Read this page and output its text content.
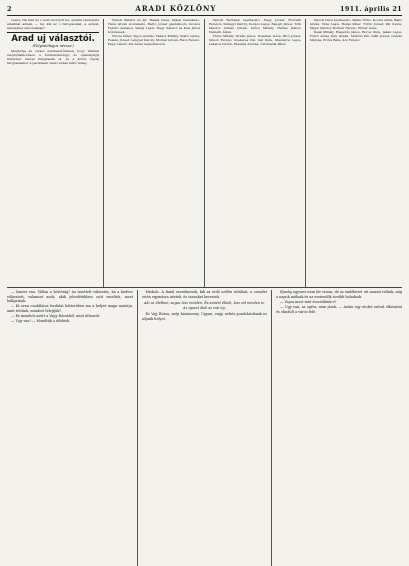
2	ARADI KÖZLÖNY	1911. április 21

vezna. Ha már az ő nem mondott be- szédük tiszteletre alkalmat adnak, — mi, kik az ő felfogásukat, a szókat, amelyeket elmondanak?

Arad uj választói.

(Folytatólagos névsor.)

Megtudja az olvasó szerkesztőnkben, hogy minden megnyilatkozáson a földmivelésügyi és igazságügyi miniszter szavai hangzanak el, és a közös ügyek tárgyalásakor a parlament felett nehéz felhő lebeg.

Tabódi Bélától és kir. Halasi Géza, Szalai kereskedő, Tálos István szobafestő, Bartó József gazdálkodó, Kovács Ferenc asztalos, Varga Lajos, Nagy Sándor és Kiss János kőmívesek.

Vincze Péter, Sipos András, Takács Mihály, Szabó Gyula, Fekete József, Lengyel Károly, Molnár István, Rácz Ferenc, Papp László, Kis Antal napszámosok.

Tabódi Bertalan szerkesztő, Nagy József, Horváth Ferencz, Szilágyi Károly, Kovács Lajos, Balogh János, Tóth Sándor, Juhász István, Szűcs Mihály, Farkas Gábor, Németh Antal.

Vörös Mihály, Orbán János, Kelemen Géza, Bíró József, Simon Ferenc, Szekeres Pál, Gál Imre, Mészáros Lajos, Lakatos István, Fazekas András, Csizmadia Péter.

Tabódi Imre szerkesztő, Benkő Ernő, Kocsis Antal, Bakó István, Vida Lajos, Budai Péter, Török József, Pál Gyula, Major Sándor, Bodnár Ferenc, Pintér Géza.

Deák Mihály, Hegedűs János, Boros Imre, Jakab Lajos, Fodor Antal, Kun István, Sárközi Pál, Oláh József, Gulyás Mátyás, Erdős Béla, Ács Ferenc.

— Ismeri van. Vállon a börtönig? Az ismételt választás, ha a kedves választott, valamint azok, akik jelenlétükben szót emeltek, most hallgatnak.

— Ki ezen csodálatos fordulat hátterében ma a helyet maga mutatja, amit tettünk, mindezt felejtjük?

— Ez mondott azért a Vagy Rózsából, mint áthozott.

— Ugy van! — Mondták a többiek.

Miskolc. A fiatal szerelmesek, kik az erdő szélén sétáltak, a csendes estén egymásra néztek, és szavakat kerestek.

Aki az életben, sugaz lesz minden, És amiért élünk, lesz ott minden is. Az igazat öleli az esti ég.

Ez Vajj Rózsa, szép kisasszony. Ugyan, vagy, nehéz gondolatoknak ne adjunk helyet.

Ifjuság egyszer nem tér vissza, de az emlékezet ott marad velünk, míg a napok múlnak és az esztendők tovább haladnak.

— Vajon most már összeülünk-e?

— Ugy van, az egész, nem járok. — Aztán egy utolsó szóval elköszönt és elindult a város felé.
